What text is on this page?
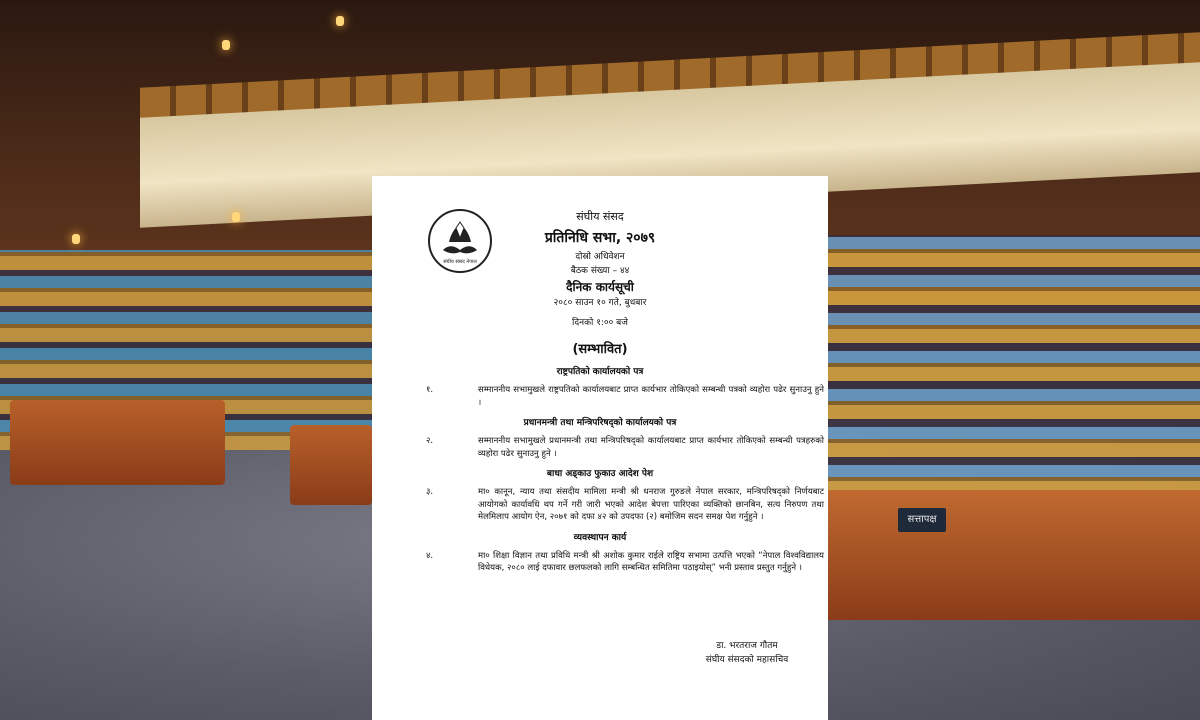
सत्तापक्ष
संघीय संसद नेपाल
संघीय संसद
प्रतिनिधि सभा, २०७९
दोस्रो अधिवेशन
बैठक संख्या – ४४
दैनिक कार्यसूची
२०८० साउन १० गते, बुधबार
दिनको १:०० बजे
(सम्भावित)
राष्ट्रपतिको कार्यालयको पत्र
१.	सम्माननीय सभामुखले राष्ट्रपतिको कार्यालयबाट प्राप्त कार्यभार तोकिएको सम्बन्धी पत्रको व्यहोरा पढेर सुनाउनु हुने ।
प्रधानमन्त्री तथा मन्त्रिपरिषद्को कार्यालयको पत्र
२.	सम्माननीय सभामुखले प्रधानमन्त्री तथा मन्त्रिपरिषद्को कार्यालयबाट प्राप्त कार्यभार तोकिएको सम्बन्धी पत्रहरुको व्यहोरा पढेर सुनाउनु हुने ।
बाधा अड्काउ फुकाउ आदेश पेश
३.	मा० कानून, न्याय तथा संसदीय मामिला मन्त्री श्री धनराज गुरुङले नेपाल सरकार, मन्त्रिपरिषद्को निर्णयबाट आयोगको कार्यावधि थप गर्ने गरी जारी भएको आदेश बेपत्ता पारिएका व्यक्तिको छानबिन, सत्य निरुपण तथा मेलमिलाप आयोग ऐन, २०७१ को दफा ४२ को उपदफा (२) बमोजिम सदन समक्ष पेश गर्नुहुने ।
व्यवस्थापन कार्य
४.	मा० शिक्षा विज्ञान तथा प्रविधि मन्त्री श्री अशोक कुमार राईले राष्ट्रिय सभामा उत्पत्ति भएको “नेपाल विश्वविद्यालय विधेयक, २०८० लाई दफावार छलफलको लागि सम्बन्धित समितिमा पठाइयोस्” भनी प्रस्ताव प्रस्तुत गर्नुहुने ।
डा. भरतराज गौतम
संघीय संसदको महासचिव
